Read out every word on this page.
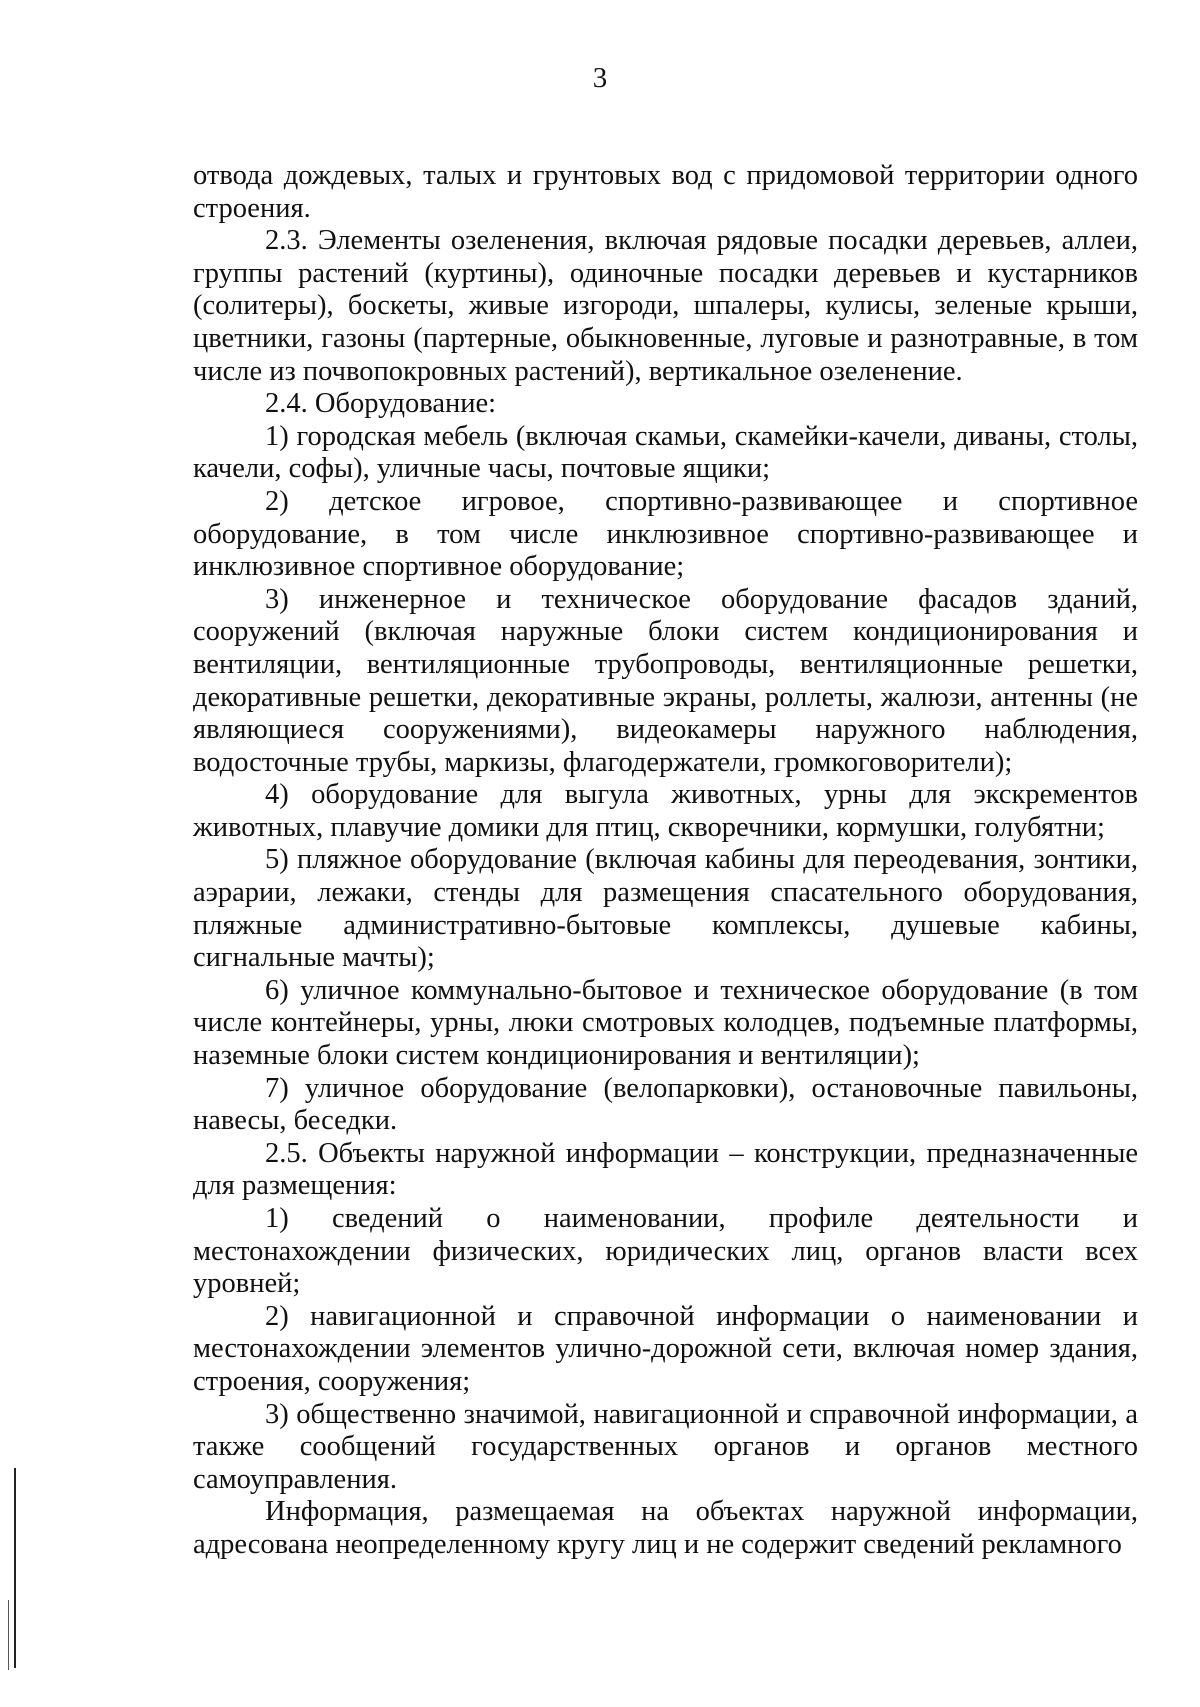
3

отвода дождевых, талых и грунтовых вод с придомовой территории одного строения.

2.3. Элементы озеленения, включая рядовые посадки деревьев, аллеи, группы растений (куртины), одиночные посадки деревьев и кустарников (солитеры), боскеты, живые изгороди, шпалеры, кулисы, зеленые крыши, цветники, газоны (партерные, обыкновенные, луговые и разнотравные, в том числе из почвопокровных растений), вертикальное озеленение.

2.4. Оборудование:

1) городская мебель (включая скамьи, скамейки-качели, диваны, столы, качели, софы), уличные часы, почтовые ящики;

2) детское игровое, спортивно-развивающее и спортивное оборудование, в том числе инклюзивное спортивно-развивающее и инклюзивное спортивное оборудование;

3) инженерное и техническое оборудование фасадов зданий, сооружений (включая наружные блоки систем кондиционирования и вентиляции, вентиляционные трубопроводы, вентиляционные решетки, декоративные решетки, декоративные экраны, роллеты, жалюзи, антенны (не являющиеся сооружениями), видеокамеры наружного наблюдения, водосточные трубы, маркизы, флагодержатели, громкоговорители);

4) оборудование для выгула животных, урны для экскрементов животных, плавучие домики для птиц, скворечники, кормушки, голубятни;

5) пляжное оборудование (включая кабины для переодевания, зонтики, аэрарии, лежаки, стенды для размещения спасательного оборудования, пляжные административно-бытовые комплексы, душевые кабины, сигнальные мачты);

6) уличное коммунально-бытовое и техническое оборудование (в том числе контейнеры, урны, люки смотровых колодцев, подъемные платформы, наземные блоки систем кондиционирования и вентиляции);

7) уличное оборудование (велопарковки), остановочные павильоны, навесы, беседки.

2.5. Объекты наружной информации – конструкции, предназначенные для размещения:

1) сведений о наименовании, профиле деятельности и местонахождении физических, юридических лиц, органов власти всех уровней;

2) навигационной и справочной информации о наименовании и местонахождении элементов улично-дорожной сети, включая номер здания, строения, сооружения;

3) общественно значимой, навигационной и справочной информации, а также сообщений государственных органов и органов местного самоуправления.

Информация, размещаемая на объектах наружной информации, адресована неопределенному кругу лиц и не содержит сведений рекламного
